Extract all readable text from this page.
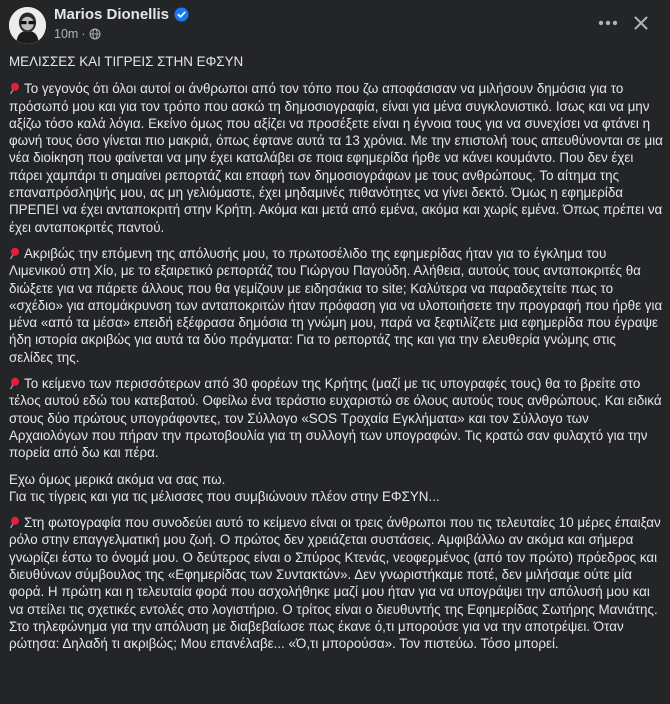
Marios Dionellis
10m ·

ΜΕΛΙΣΣΕΣ ΚΑΙ ΤΙΓΡΕΙΣ ΣΤΗΝ ΕΦΣΥΝ

Το γεγονός ότι όλοι αυτοί οι άνθρωποι από τον τόπο που ζω αποφάσισαν να μιλήσουν δημόσια για το πρόσωπό μου και για τον τρόπο που ασκώ τη δημοσιογραφία, είναι για μένα συγκλονιστικό. Ισως και να μην αξίζω τόσο καλά λόγια. Εκείνο όμως που αξίζει να προσέξετε είναι η έγνοια τους για να συνεχίσει να φτάνει η φωνή τους όσο γίνεται πιο μακριά, όπως έφτανε αυτά τα 13 χρόνια. Με την επιστολή τους απευθύνονται σε μια νέα διοίκηση που φαίνεται να μην έχει καταλάβει σε ποια εφημερίδα ήρθε να κάνει κουμάντο. Που δεν έχει πάρει χαμπάρι τι σημαίνει ρεπορτάζ και επαφή των δημοσιογράφων με τους ανθρώπους. Το αίτημα της επαναπρόσληψής μου, ας μη γελιόμαστε, έχει μηδαμινές πιθανότητες να γίνει δεκτό. Όμως η εφημερίδα ΠΡΕΠΕΙ να έχει ανταποκριτή στην Κρήτη. Ακόμα και μετά από εμένα, ακόμα και χωρίς εμένα. Όπως πρέπει να έχει ανταποκριτές παντού.

Ακριβώς την επόμενη της απόλυσής μου, το πρωτοσέλιδο της εφημερίδας ήταν για το έγκλημα του Λιμενικού στη Χίο, με το εξαιρετικό ρεπορτάζ του Γιώργου Παγούδη. Αλήθεια, αυτούς τους ανταποκριτές θα διώξετε για να πάρετε άλλους που θα γεμίζουν με ειδησάκια το site; Καλύτερα να παραδεχτείτε πως το «σχέδιο» για απομάκρυνση των ανταποκριτών ήταν πρόφαση για να υλοποιήσετε την προγραφή που ήρθε για μένα «από τα μέσα» επειδή εξέφρασα δημόσια τη γνώμη μου, παρά να ξεφτιλίζετε μια εφημερίδα που έγραψε ήδη ιστορία ακριβώς για αυτά τα δύο πράγματα: Για το ρεπορτάζ της και για την ελευθερία γνώμης στις σελίδες της.

Το κείμενο των περισσότερων από 30 φορέων της Κρήτης (μαζί με τις υπογραφές τους) θα το βρείτε στο τέλος αυτού εδώ του κατεβατού. Οφείλω ένα τεράστιο ευχαριστώ σε όλους αυτούς τους ανθρώπους. Και ειδικά στους δύο πρώτους υπογράφοντες, τον Σύλλογο «SOS Τροχαία Εγκλήματα» και τον Σύλλογο των Αρχαιολόγων που πήραν την πρωτοβουλία για τη συλλογή των υπογραφών. Τις κρατώ σαν φυλαχτό για την πορεία από δω και πέρα.

Εχω όμως μερικά ακόμα να σας πω.

Για τις τίγρεις και για τις μέλισσες που συμβιώνουν πλέον στην ΕΦΣΥΝ...

Στη φωτογραφία που συνοδεύει αυτό το κείμενο είναι οι τρεις άνθρωποι που τις τελευταίες 10 μέρες έπαιξαν ρόλο στην επαγγελματική μου ζωή. Ο πρώτος δεν χρειάζεται συστάσεις. Αμφιβάλλω αν ακόμα και σήμερα γνωρίζει έστω το όνομά μου. Ο δεύτερος είναι ο Σπύρος Κτενάς, νεοφερμένος (από τον πρώτο) πρόεδρος και διευθύνων σύμβουλος της «Εφημερίδας των Συντακτών». Δεν γνωριστήκαμε ποτέ, δεν μιλήσαμε ούτε μία φορά. Η πρώτη και η τελευταία φορά που ασχολήθηκε μαζί μου ήταν για να υπογράψει την απόλυσή μου και να στείλει τις σχετικές εντολές στο λογιστήριο. Ο τρίτος είναι ο διευθυντής της Εφημερίδας Σωτήρης Μανιάτης. Στο τηλεφώνημα για την απόλυση με διαβεβαίωσε πως έκανε ό,τι μπορούσε για να την αποτρέψει. Όταν ρώτησα: Δηλαδή τι ακριβώς; Μου επανέλαβε... «Ό,τι μπορούσα». Τον πιστεύω. Τόσο μπορεί.
